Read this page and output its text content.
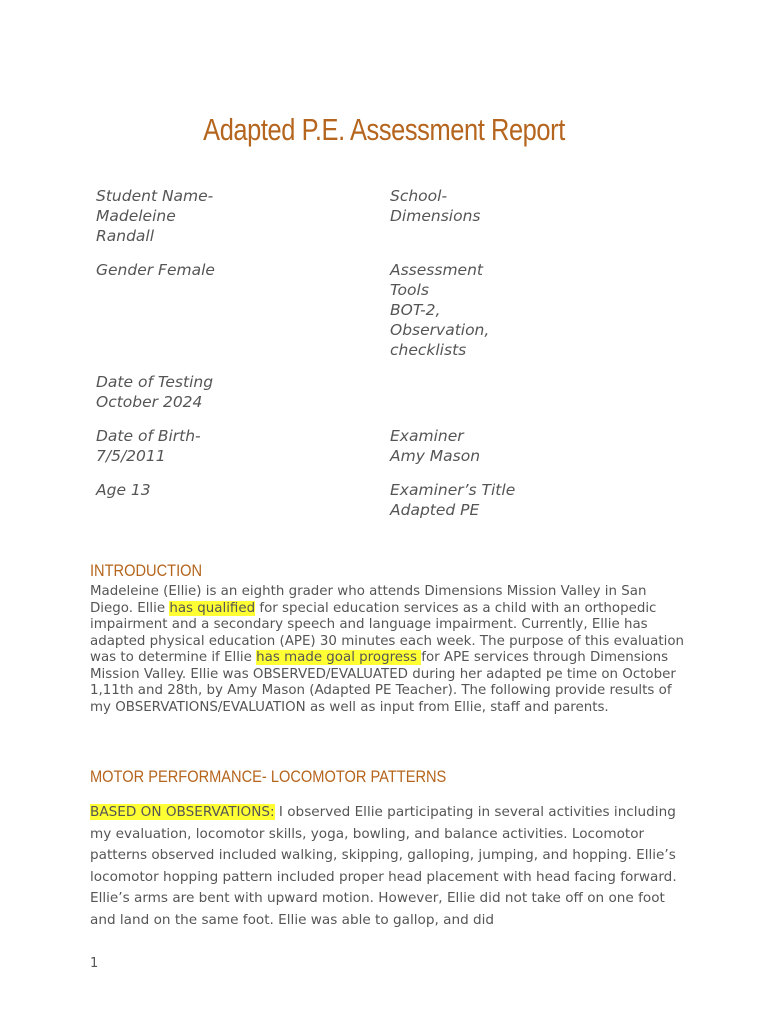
Adapted P.E. Assessment Report
Student Name-
Madeleine
Randall
School-
Dimensions
Gender Female	Assessment
Tools
BOT-2,
Observation,
checklists
Date of Testing
October 2024
Date of Birth-
7/5/2011
Examiner
Amy Mason
Age 13	Examiner’s Title
Adapted PE
INTRODUCTION
Madeleine (Ellie) is an eighth grader who attends Dimensions Mission Valley in San Diego. Ellie has qualified for special education services as a child with an orthopedic impairment and a secondary speech and language impairment. Currently, Ellie has adapted physical education (APE) 30 minutes each week. The purpose of this evaluation was to determine if Ellie has made goal progress for APE services through Dimensions Mission Valley. Ellie was OBSERVED/EVALUATED during her adapted pe time on October 1,11th and 28th, by Amy Mason (Adapted PE Teacher). The following provide results of my OBSERVATIONS/EVALUATION as well as input from Ellie, staff and parents.
MOTOR PERFORMANCE- LOCOMOTOR PATTERNS
BASED ON OBSERVATIONS: I observed Ellie participating in several activities including my evaluation, locomotor skills, yoga, bowling, and balance activities. Locomotor patterns observed included walking, skipping, galloping, jumping, and hopping. Ellie’s locomotor hopping pattern included proper head placement with head facing forward. Ellie’s arms are bent with upward motion. However, Ellie did not take off on one foot and land on the same foot. Ellie was able to gallop, and did
1
